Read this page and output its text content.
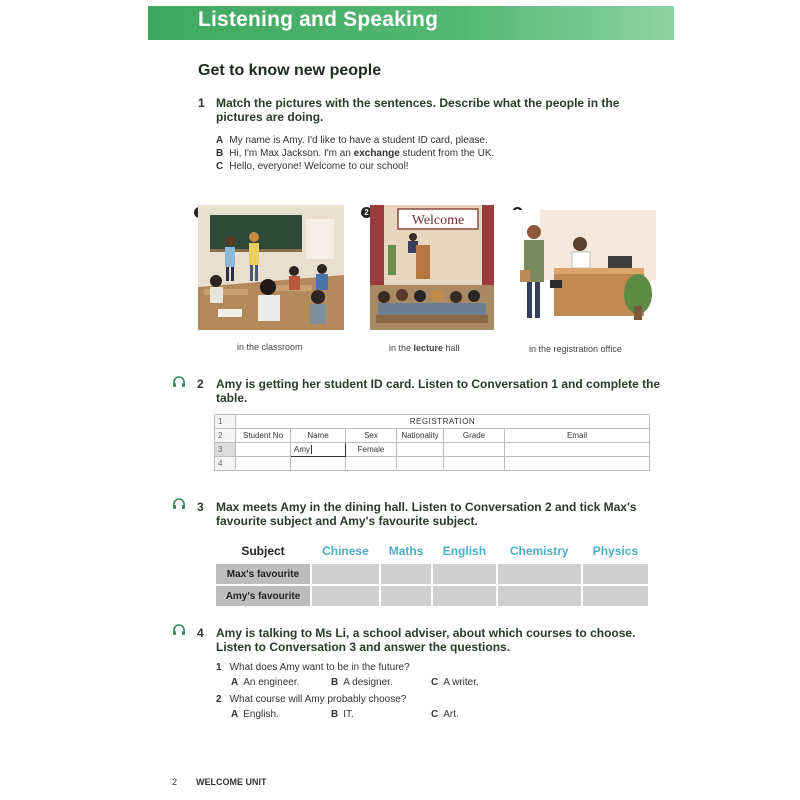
Listening and Speaking
Get to know new people
1 Match the pictures with the sentences. Describe what the people in the
pictures are doing.
A My name is Amy. I'd like to have a student ID card, please.
B Hi, I'm Max Jackson. I'm an exchange student from the UK.
C Hello, everyone! Welcome to our school!
in the classroom
2
Welcome
in the lecture hall	in the registration office
2 Amy is getting her student ID card. Listen to Conversation 1 and complete the
table.
1	REGISTRATION					
2	Student No	Name	Sex	Nationality	Grade	Email
3		Amy	Female			
4						
3 Max meets Amy in the dining hall. Listen to Conversation 2 and tick Max's
favourite subject and Amy's favourite subject.
Subject	Chinese	Maths	English	Chemistry	Physics
Max's favourite					
Amy's favourite					
4 Amy is talking to Ms Li, a school adviser, about which courses to choose.
Listen to Conversation 3 and answer the questions.
1 What does Amy want to be in the future?
A An engineer.	B A designer.	C A writer.
2 What course will Amy probably choose?
A English.	B IT.	C Art.
2 WELCOME UNIT
